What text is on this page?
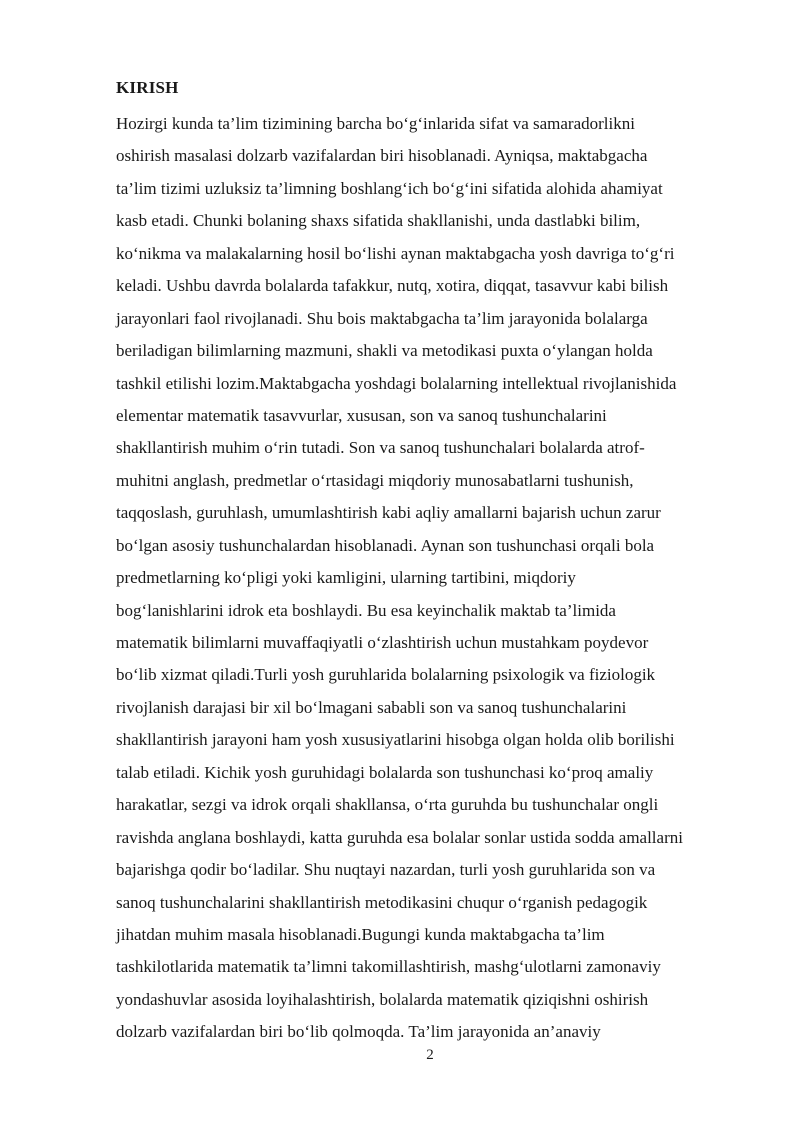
KIRISH
Hozirgi kunda ta’lim tizimining barcha bo‘g‘inlarida sifat va samaradorlikni
oshirish masalasi dolzarb vazifalardan biri hisoblanadi. Ayniqsa, maktabgacha
ta’lim tizimi uzluksiz ta’limning boshlang‘ich bo‘g‘ini sifatida alohida ahamiyat
kasb etadi. Chunki bolaning shaxs sifatida shakllanishi, unda dastlabki bilim,
ko‘nikma va malakalarning hosil bo‘lishi aynan maktabgacha yosh davriga to‘g‘ri
keladi. Ushbu davrda bolalarda tafakkur, nutq, xotira, diqqat, tasavvur kabi bilish
jarayonlari faol rivojlanadi. Shu bois maktabgacha ta’lim jarayonida bolalarga
beriladigan bilimlarning mazmuni, shakli va metodikasi puxta o‘ylangan holda
tashkil etilishi lozim.Maktabgacha yoshdagi bolalarning intellektual rivojlanishida
elementar matematik tasavvurlar, xususan, son va sanoq tushunchalarini
shakllantirish muhim o‘rin tutadi. Son va sanoq tushunchalari bolalarda atrof-
muhitni anglash, predmetlar o‘rtasidagi miqdoriy munosabatlarni tushunish,
taqqoslash, guruhlash, umumlashtirish kabi aqliy amallarni bajarish uchun zarur
bo‘lgan asosiy tushunchalardan hisoblanadi. Aynan son tushunchasi orqali bola
predmetlarning ko‘pligi yoki kamligini, ularning tartibini, miqdoriy
bog‘lanishlarini idrok eta boshlaydi. Bu esa keyinchalik maktab ta’limida
matematik bilimlarni muvaffaqiyatli o‘zlashtirish uchun mustahkam poydevor
bo‘lib xizmat qiladi.Turli yosh guruhlarida bolalarning psixologik va fiziologik
rivojlanish darajasi bir xil bo‘lmagani sababli son va sanoq tushunchalarini
shakllantirish jarayoni ham yosh xususiyatlarini hisobga olgan holda olib borilishi
talab etiladi. Kichik yosh guruhidagi bolalarda son tushunchasi ko‘proq amaliy
harakatlar, sezgi va idrok orqali shakllansa, o‘rta guruhda bu tushunchalar ongli
ravishda anglana boshlaydi, katta guruhda esa bolalar sonlar ustida sodda amallarni
bajarishga qodir bo‘ladilar. Shu nuqtayi nazardan, turli yosh guruhlarida son va
sanoq tushunchalarini shakllantirish metodikasini chuqur o‘rganish pedagogik
jihatdan muhim masala hisoblanadi.Bugungi kunda maktabgacha ta’lim
tashkilotlarida matematik ta’limni takomillashtirish, mashg‘ulotlarni zamonaviy
yondashuvlar asosida loyihalashtirish, bolalarda matematik qiziqishni oshirish
dolzarb vazifalardan biri bo‘lib qolmoqda. Ta’lim jarayonida an’anaviy
2
